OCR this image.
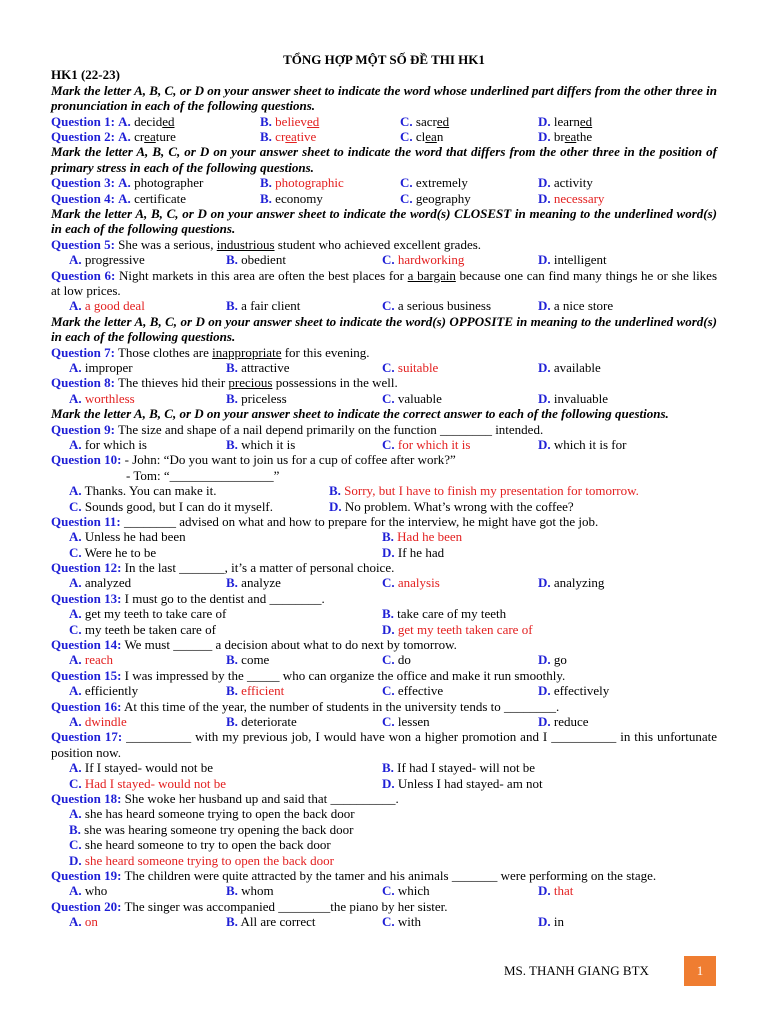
TỔNG HỢP MỘT SỐ ĐỀ THI HK1
HK1 (22-23)
Mark the letter A, B, C, or D on your answer sheet to indicate the word whose underlined part differs from the other three in pronunciation in each of the following questions.
Question 1: A. decided	B. believed	C. sacred	D. learned
Question 2: A. creature	B. creative	C. clean	D. breathe
Mark the letter A, B, C, or D on your answer sheet to indicate the word that differs from the other three in the position of primary stress in each of the following questions.
Question 3: A. photographer	B. photographic	C. extremely	D. activity
Question 4: A. certificate	B. economy	C. geography	D. necessary
Mark the letter A, B, C, or D on your answer sheet to indicate the word(s) CLOSEST in meaning to the underlined word(s) in each of the following questions.
Question 5: She was a serious, industrious student who achieved excellent grades.
A. progressive	B. obedient	C. hardworking	D. intelligent
Question 6: Night markets in this area are often the best places for a bargain because one can find many things he or she likes at low prices.
A. a good deal	B. a fair client	C. a serious business	D. a nice store
Mark the letter A, B, C, or D on your answer sheet to indicate the word(s) OPPOSITE in meaning to the underlined word(s) in each of the following questions.
Question 7: Those clothes are inappropriate for this evening.
A. improper	B. attractive	C. suitable	D. available
Question 8: The thieves hid their precious possessions in the well.
A. worthless	B. priceless	C. valuable	D. invaluable
Mark the letter A, B, C, or D on your answer sheet to indicate the correct answer to each of the following questions.
Question 9: The size and shape of a nail depend primarily on the function ________ intended.
A. for which is	B. which it is	C. for which it is	D. which it is for
Question 10: - John: “Do you want to join us for a cup of coffee after work?”
- Tom: “________________”
A. Thanks. You can make it.	B. Sorry, but I have to finish my presentation for tomorrow.
C. Sounds good, but I can do it myself.	D. No problem. What’s wrong with the coffee?
Question 11: ________ advised on what and how to prepare for the interview, he might have got the job.
A. Unless he had been	B. Had he been
C. Were he to be	D. If he had
Question 12: In the last _______, it’s a matter of personal choice.
A. analyzed	B. analyze	C. analysis	D. analyzing
Question 13: I must go to the dentist and ________.
A. get my teeth to take care of	B. take care of my teeth
C. my teeth be taken care of	D. get my teeth taken care of
Question 14: We must ______ a decision about what to do next by tomorrow.
A. reach	B. come	C. do	D. go
Question 15: I was impressed by the _____ who can organize the office and make it run smoothly.
A. efficiently	B. efficient	C. effective	D. effectively
Question 16: At this time of the year, the number of students in the university tends to ________.
A. dwindle	B. deteriorate	C. lessen	D. reduce
Question 17: __________ with my previous job, I would have won a higher promotion and I __________ in this unfortunate position now.
A. If I stayed- would not be	B. If had I stayed- will not be
C. Had I stayed- would not be	D. Unless I had stayed- am not
Question 18: She woke her husband up and said that __________.
A. she has heard someone trying to open the back door
B. she was hearing someone try opening the back door
C. she heard someone to try to open the back door
D. she heard someone trying to open the back door
Question 19: The children were quite attracted by the tamer and his animals _______ were performing on the stage.
A. who	B. whom	C. which	D. that
Question 20: The singer was accompanied ________the piano by her sister.
A. on	B. All are correct	C. with	D. in
MS. THANH GIANG BTX	1
